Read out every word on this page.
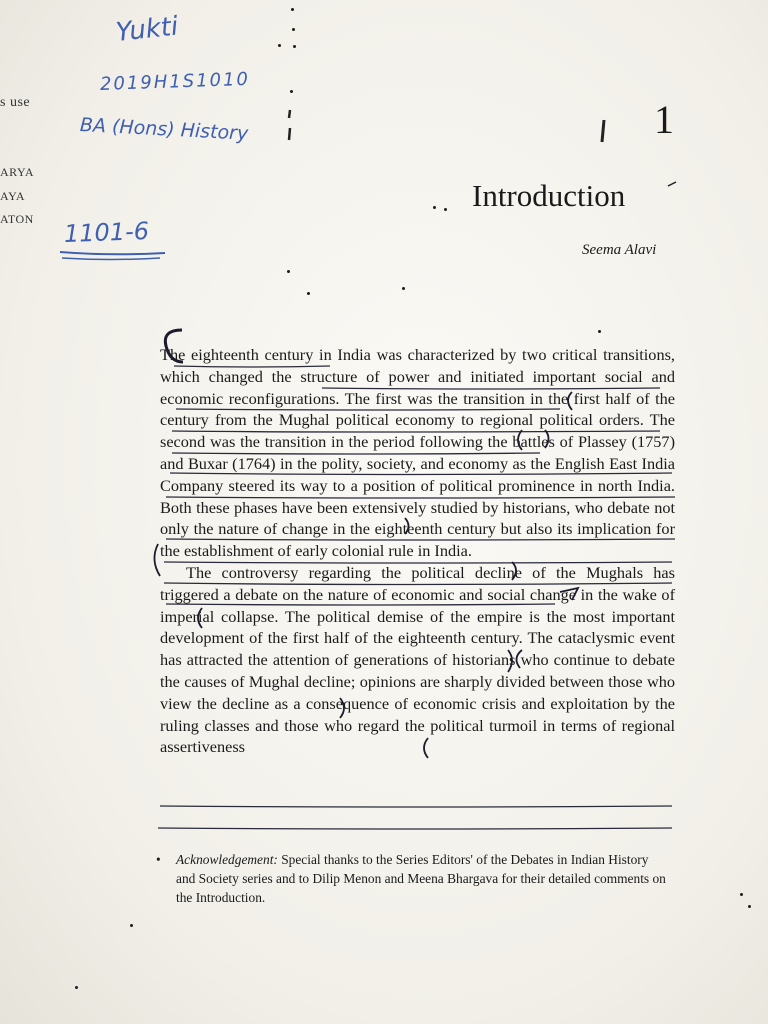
s use
ARYA
AYA
ATON
Yukti
2019H1S1010
BA (Hons) History
1101-6
1
Introduction
Seema Alavi

The eighteenth century in India was characterized by two critical transitions, which changed the structure of power and initiated important social and economic reconfigurations. The first was the transition in the first half of the century from the Mughal political economy to regional political orders. The second was the transition in the period following the battles of Plassey (1757) and Buxar (1764) in the polity, society, and economy as the English East India Company steered its way to a position of political prominence in north India. Both these phases have been extensively studied by historians, who debate not only the nature of change in the eighteenth century but also its implication for the establishment of early colonial rule in India.

The controversy regarding the political decline of the Mughals has triggered a debate on the nature of economic and social change in the wake of imperial collapse. The political demise of the empire is the most important development of the first half of the eighteenth century. The cataclysmic event has attracted the attention of generations of historians who continue to debate the causes of Mughal decline; opinions are sharply divided between those who view the decline as a consequence of economic crisis and exploitation by the ruling classes and those who regard the political turmoil in terms of regional assertiveness

•	Acknowledgement: Special thanks to the Series Editors' of the Debates in Indian History and Society series and to Dilip Menon and Meena Bhargava for their detailed comments on the Introduction.
